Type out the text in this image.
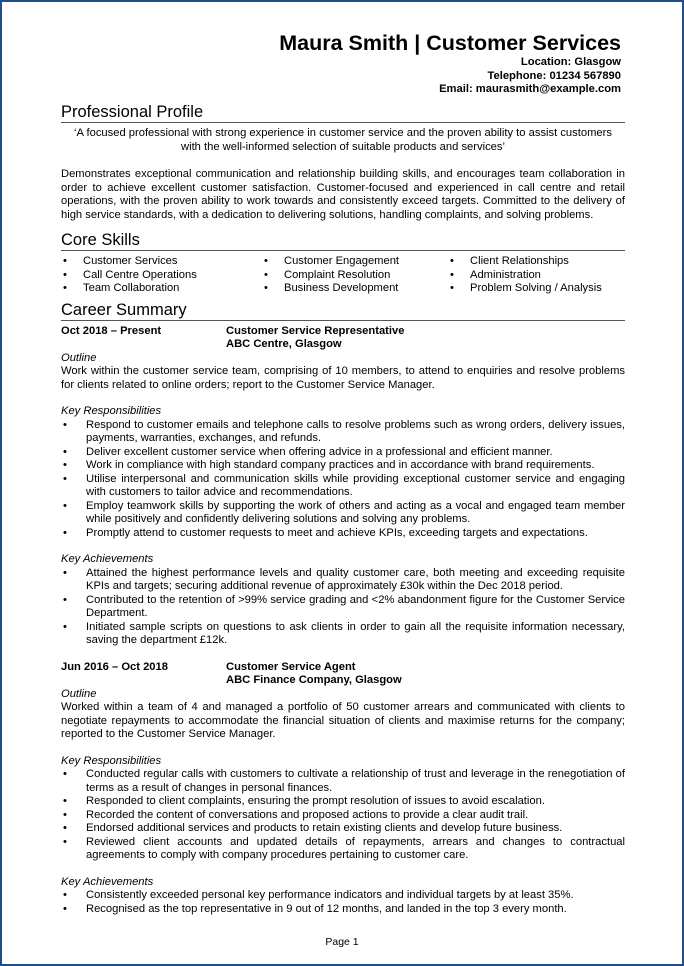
Maura Smith | Customer Services
Location: Glasgow
Telephone: 01234 567890
Email: maurasmith@example.com
Professional Profile
‘A focused professional with strong experience in customer service and the proven ability to assist customers
with the well-informed selection of suitable products and services’
Demonstrates exceptional communication and relationship building skills, and encourages team collaboration in order to achieve excellent customer satisfaction. Customer-focused and experienced in call centre and retail operations, with the proven ability to work towards and consistently exceed targets. Committed to the delivery of high service standards, with a dedication to delivering solutions, handling complaints, and solving problems.
Core Skills
• Customer Services
• Call Centre Operations
• Team Collaboration
• Customer Engagement
• Complaint Resolution
• Business Development
• Client Relationships
• Administration
• Problem Solving / Analysis
Career Summary
Oct 2018 – Present	Customer Service Representative
ABC Centre, Glasgow
Outline
Work within the customer service team, comprising of 10 members, to attend to enquiries and resolve problems for clients related to online orders; report to the Customer Service Manager.
Key Responsibilities
• Respond to customer emails and telephone calls to resolve problems such as wrong orders, delivery issues, payments, warranties, exchanges, and refunds.
• Deliver excellent customer service when offering advice in a professional and efficient manner.
• Work in compliance with high standard company practices and in accordance with brand requirements.
• Utilise interpersonal and communication skills while providing exceptional customer service and engaging with customers to tailor advice and recommendations.
• Employ teamwork skills by supporting the work of others and acting as a vocal and engaged team member while positively and confidently delivering solutions and solving any problems.
• Promptly attend to customer requests to meet and achieve KPIs, exceeding targets and expectations.
Key Achievements
• Attained the highest performance levels and quality customer care, both meeting and exceeding requisite KPIs and targets; securing additional revenue of approximately £30k within the Dec 2018 period.
• Contributed to the retention of >99% service grading and <2% abandonment figure for the Customer Service Department.
• Initiated sample scripts on questions to ask clients in order to gain all the requisite information necessary, saving the department £12k.
Jun 2016 – Oct 2018	Customer Service Agent
ABC Finance Company, Glasgow
Outline
Worked within a team of 4 and managed a portfolio of 50 customer arrears and communicated with clients to negotiate repayments to accommodate the financial situation of clients and maximise returns for the company; reported to the Customer Service Manager.
Key Responsibilities
• Conducted regular calls with customers to cultivate a relationship of trust and leverage in the renegotiation of terms as a result of changes in personal finances.
• Responded to client complaints, ensuring the prompt resolution of issues to avoid escalation.
• Recorded the content of conversations and proposed actions to provide a clear audit trail.
• Endorsed additional services and products to retain existing clients and develop future business.
• Reviewed client accounts and updated details of repayments, arrears and changes to contractual agreements to comply with company procedures pertaining to customer care.
Key Achievements
• Consistently exceeded personal key performance indicators and individual targets by at least 35%.
• Recognised as the top representative in 9 out of 12 months, and landed in the top 3 every month.
Page 1
